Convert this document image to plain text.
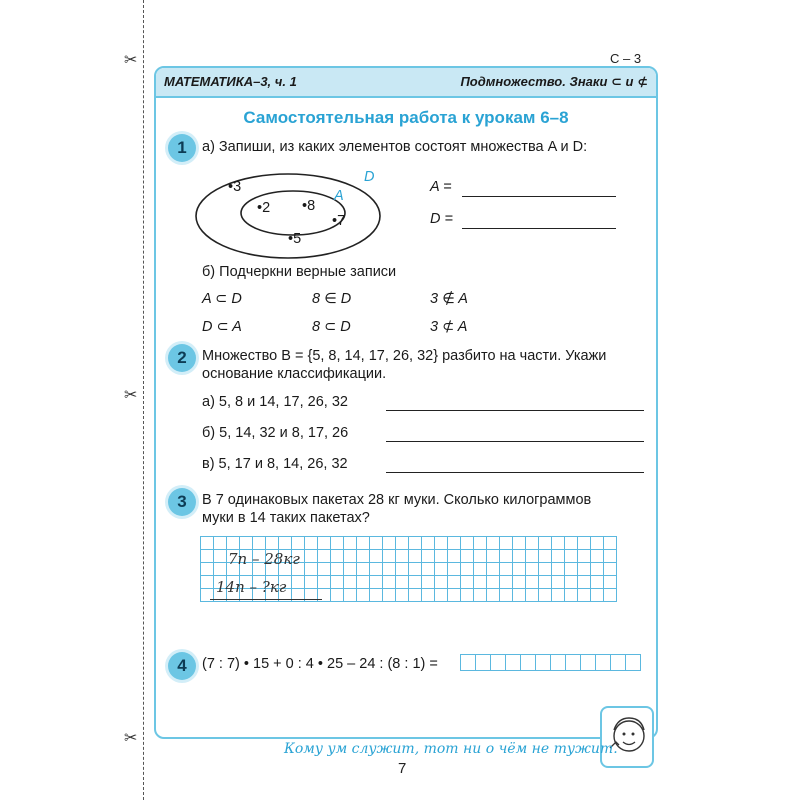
✂
✂
✂
С – 3
МАТЕМАТИКА–3, ч. 1	Подмножество. Знаки ⊂ и ⊄
Самостоятельная работа к урокам 6–8
1	а) Запиши, из каких элементов состоят множества A и D:
D
A
•3
•2 •8
•7
•5
A =
D =
б) Подчеркни верные записи
A ⊂ D	8 ∈ D	3 ∉ A
D ⊂ A	8 ⊂ D	3 ⊄ A
2	Множество B = {5, 8, 14, 17, 26, 32} разбито на части. Укажи
основание классификации.
а) 5, 8 и 14, 17, 26, 32
б) 5, 14, 32 и 8, 17, 26
в) 5, 17 и 8, 14, 26, 32
3	В 7 одинаковых пакетах 28 кг муки. Сколько килограммов
муки в 14 таких пакетах?
7п – 28кг
14п – ?кг
4	(7 : 7) • 15 + 0 : 4 • 25 – 24 : (8 : 1) =
Кому ум служит, тот ни о чём не тужит.
7
